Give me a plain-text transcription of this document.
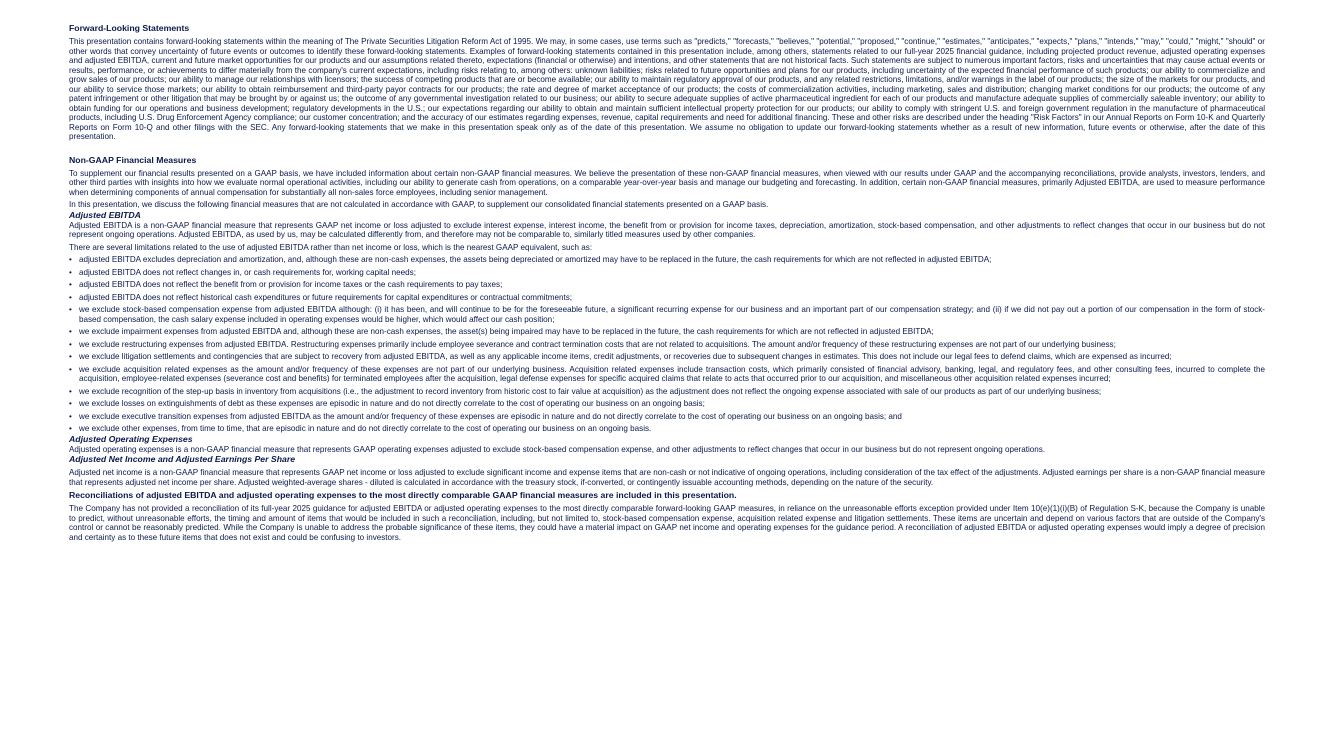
Forward-Looking Statements

This presentation contains forward-looking statements within the meaning of The Private Securities Litigation Reform Act of 1995. We may, in some cases, use terms such as "predicts," "forecasts," "believes," "potential," "proposed," "continue," "estimates," "anticipates," "expects," "plans," "intends," "may," "could," "might," "should" or other words that convey uncertainty of future events or outcomes to identify these forward-looking statements. Examples of forward-looking statements contained in this presentation include, among others, statements related to our full-year 2025 financial guidance, including projected product revenue, adjusted operating expenses and adjusted EBITDA, current and future market opportunities for our products and our assumptions related thereto, expectations (financial or otherwise) and intentions, and other statements that are not historical facts. Such statements are subject to numerous important factors, risks and uncertainties that may cause actual events or results, performance, or achievements to differ materially from the company's current expectations, including risks relating to, among others: unknown liabilities; risks related to future opportunities and plans for our products, including uncertainty of the expected financial performance of such products; our ability to commercialize and grow sales of our products; our ability to manage our relationships with licensors; the success of competing products that are or become available; our ability to maintain regulatory approval of our products, and any related restrictions, limitations, and/or warnings in the label of our products; the size of the markets for our products, and our ability to service those markets; our ability to obtain reimbursement and third-party payor contracts for our products; the rate and degree of market acceptance of our products; the costs of commercialization activities, including marketing, sales and distribution; changing market conditions for our products; the outcome of any patent infringement or other litigation that may be brought by or against us; the outcome of any governmental investigation related to our business; our ability to secure adequate supplies of active pharmaceutical ingredient for each of our products and manufacture adequate supplies of commercially saleable inventory; our ability to obtain funding for our operations and business development; regulatory developments in the U.S.; our expectations regarding our ability to obtain and maintain sufficient intellectual property protection for our products; our ability to comply with stringent U.S. and foreign government regulation in the manufacture of pharmaceutical products, including U.S. Drug Enforcement Agency compliance; our customer concentration; and the accuracy of our estimates regarding expenses, revenue, capital requirements and need for additional financing. These and other risks are described under the heading "Risk Factors" in our Annual Reports on Form 10-K and Quarterly Reports on Form 10-Q and other filings with the SEC. Any forward-looking statements that we make in this presentation speak only as of the date of this presentation. We assume no obligation to update our forward-looking statements whether as a result of new information, future events or otherwise, after the date of this presentation.

Non-GAAP Financial Measures

To supplement our financial results presented on a GAAP basis, we have included information about certain non-GAAP financial measures. We believe the presentation of these non-GAAP financial measures, when viewed with our results under GAAP and the accompanying reconciliations, provide analysts, investors, lenders, and other third parties with insights into how we evaluate normal operational activities, including our ability to generate cash from operations, on a comparable year-over-year basis and manage our budgeting and forecasting. In addition, certain non-GAAP financial measures, primarily Adjusted EBITDA, are used to measure performance when determining components of annual compensation for substantially all non-sales force employees, including senior management.

In this presentation, we discuss the following financial measures that are not calculated in accordance with GAAP, to supplement our consolidated financial statements presented on a GAAP basis.

Adjusted EBITDA

Adjusted EBITDA is a non-GAAP financial measure that represents GAAP net income or loss adjusted to exclude interest expense, interest income, the benefit from or provision for income taxes, depreciation, amortization, stock-based compensation, and other adjustments to reflect changes that occur in our business but do not represent ongoing operations. Adjusted EBITDA, as used by us, may be calculated differently from, and therefore may not be comparable to, similarly titled measures used by other companies.

There are several limitations related to the use of adjusted EBITDA rather than net income or loss, which is the nearest GAAP equivalent, such as:

• adjusted EBITDA excludes depreciation and amortization, and, although these are non-cash expenses, the assets being depreciated or amortized may have to be replaced in the future, the cash requirements for which are not reflected in adjusted EBITDA;
• adjusted EBITDA does not reflect changes in, or cash requirements for, working capital needs;
• adjusted EBITDA does not reflect the benefit from or provision for income taxes or the cash requirements to pay taxes;
• adjusted EBITDA does not reflect historical cash expenditures or future requirements for capital expenditures or contractual commitments;
• we exclude stock-based compensation expense from adjusted EBITDA although: (i) it has been, and will continue to be for the foreseeable future, a significant recurring expense for our business and an important part of our compensation strategy; and (ii) if we did not pay out a portion of our compensation in the form of stock-based compensation, the cash salary expense included in operating expenses would be higher, which would affect our cash position;
• we exclude impairment expenses from adjusted EBITDA and, although these are non-cash expenses, the asset(s) being impaired may have to be replaced in the future, the cash requirements for which are not reflected in adjusted EBITDA;
• we exclude restructuring expenses from adjusted EBITDA. Restructuring expenses primarily include employee severance and contract termination costs that are not related to acquisitions. The amount and/or frequency of these restructuring expenses are not part of our underlying business;
• we exclude litigation settlements and contingencies that are subject to recovery from adjusted EBITDA, as well as any applicable income items, credit adjustments, or recoveries due to subsequent changes in estimates. This does not include our legal fees to defend claims, which are expensed as incurred;
• we exclude acquisition related expenses as the amount and/or frequency of these expenses are not part of our underlying business. Acquisition related expenses include transaction costs, which primarily consisted of financial advisory, banking, legal, and regulatory fees, and other consulting fees, incurred to complete the acquisition, employee-related expenses (severance cost and benefits) for terminated employees after the acquisition, legal defense expenses for specific acquired claims that relate to acts that occurred prior to our acquisition, and miscellaneous other acquisition related expenses incurred;
• we exclude recognition of the step-up basis in inventory from acquisitions (i.e., the adjustment to record inventory from historic cost to fair value at acquisition) as the adjustment does not reflect the ongoing expense associated with sale of our products as part of our underlying business;
• we exclude losses on extinguishments of debt as these expenses are episodic in nature and do not directly correlate to the cost of operating our business on an ongoing basis;
• we exclude executive transition expenses from adjusted EBITDA as the amount and/or frequency of these expenses are episodic in nature and do not directly correlate to the cost of operating our business on an ongoing basis; and
• we exclude other expenses, from time to time, that are episodic in nature and do not directly correlate to the cost of operating our business on an ongoing basis.
Adjusted Operating Expenses

Adjusted operating expenses is a non-GAAP financial measure that represents GAAP operating expenses adjusted to exclude stock-based compensation expense, and other adjustments to reflect changes that occur in our business but do not represent ongoing operations.

Adjusted Net Income and Adjusted Earnings Per Share

Adjusted net income is a non-GAAP financial measure that represents GAAP net income or loss adjusted to exclude significant income and expense items that are non-cash or not indicative of ongoing operations, including consideration of the tax effect of the adjustments. Adjusted earnings per share is a non-GAAP financial measure that represents adjusted net income per share. Adjusted weighted-average shares - diluted is calculated in accordance with the treasury stock, if-converted, or contingently issuable accounting methods, depending on the nature of the security.

Reconciliations of adjusted EBITDA and adjusted operating expenses to the most directly comparable GAAP financial measures are included in this presentation.

The Company has not provided a reconciliation of its full-year 2025 guidance for adjusted EBITDA or adjusted operating expenses to the most directly comparable forward-looking GAAP measures, in reliance on the unreasonable efforts exception provided under Item 10(e)(1)(i)(B) of Regulation S-K, because the Company is unable to predict, without unreasonable efforts, the timing and amount of items that would be included in such a reconciliation, including, but not limited to, stock-based compensation expense, acquisition related expense and litigation settlements. These items are uncertain and depend on various factors that are outside of the Company's control or cannot be reasonably predicted. While the Company is unable to address the probable significance of these items, they could have a material impact on GAAP net income and operating expenses for the guidance period. A reconciliation of adjusted EBITDA or adjusted operating expenses would imply a degree of precision and certainty as to these future items that does not exist and could be confusing to investors.
